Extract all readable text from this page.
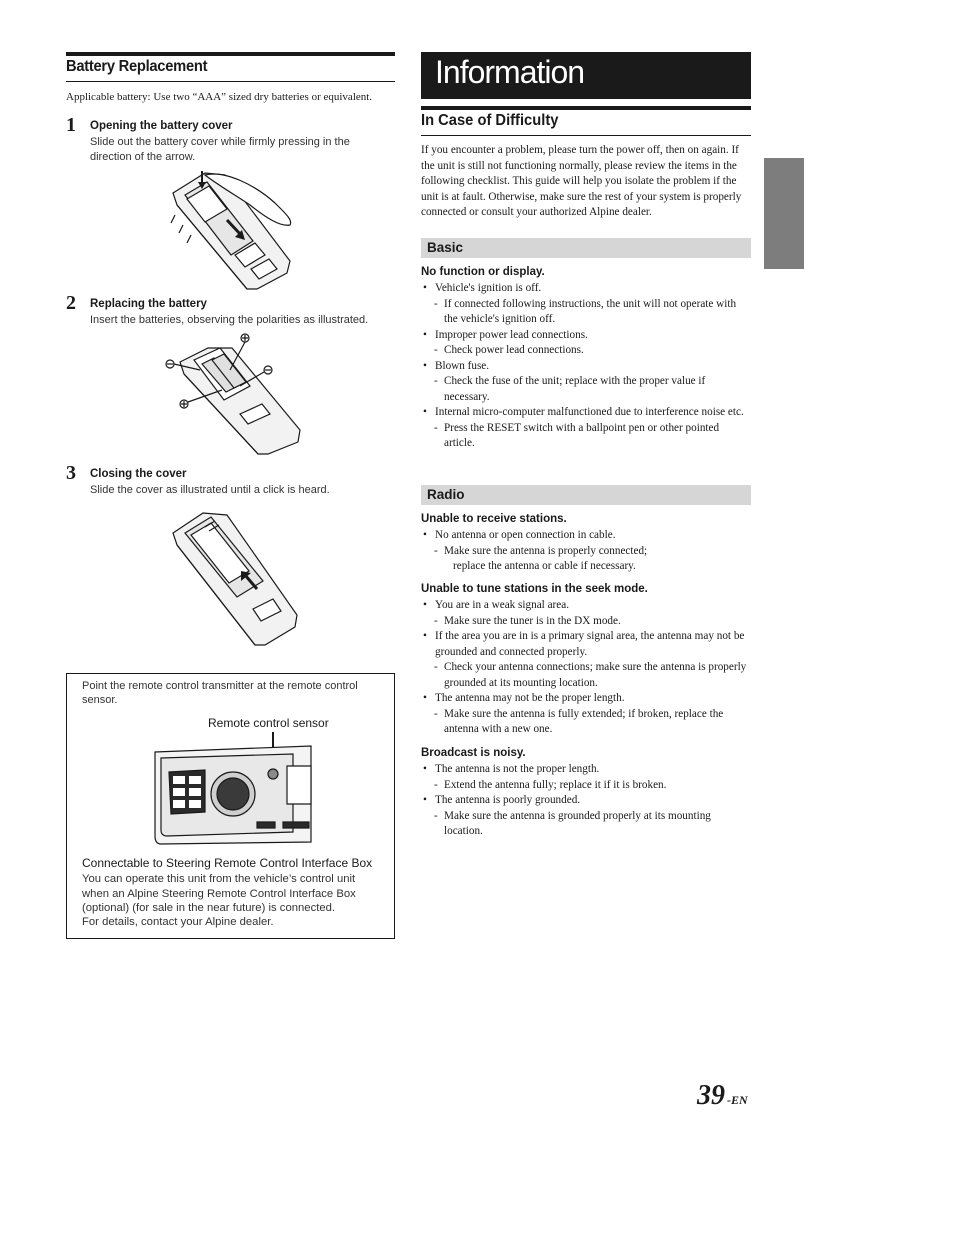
Battery Replacement
Applicable battery: Use two “AAA” sized dry batteries or equivalent.
1 Opening the battery cover
Slide out the battery cover while firmly pressing in the direction of the arrow.
2 Replacing the battery
Insert the batteries, observing the polarities as illustrated.
3 Closing the cover
Slide the cover as illustrated until a click is heard.
Point the remote control transmitter at the remote control sensor.
Remote control sensor
Connectable to Steering Remote Control Interface Box
You can operate this unit from the vehicle’s control unit when an Alpine Steering Remote Control Interface Box (optional) (for sale in the near future) is connected.
For details, contact your Alpine dealer.
Information
In Case of Difficulty
If you encounter a problem, please turn the power off, then on again. If the unit is still not functioning normally, please review the items in the following checklist. This guide will help you isolate the problem if the unit is at fault. Otherwise, make sure the rest of your system is properly connected or consult your authorized Alpine dealer.
Basic
No function or display.
• Vehicle's ignition is off.
- If connected following instructions, the unit will not operate with the vehicle's ignition off.
• Improper power lead connections.
- Check power lead connections.
• Blown fuse.
- Check the fuse of the unit; replace with the proper value if necessary.
• Internal micro-computer malfunctioned due to interference noise etc.
- Press the RESET switch with a ballpoint pen or other pointed article.
Radio
Unable to receive stations.
• No antenna or open connection in cable.
- Make sure the antenna is properly connected;
replace the antenna or cable if necessary.
Unable to tune stations in the seek mode.
• You are in a weak signal area.
- Make sure the tuner is in the DX mode.
• If the area you are in is a primary signal area, the antenna may not be grounded and connected properly.
- Check your antenna connections; make sure the antenna is properly grounded at its mounting location.
• The antenna may not be the proper length.
- Make sure the antenna is fully extended; if broken, replace the antenna with a new one.
Broadcast is noisy.
• The antenna is not the proper length.
- Extend the antenna fully; replace it if it is broken.
• The antenna is poorly grounded.
- Make sure the antenna is grounded properly at its mounting location.
39 -EN
